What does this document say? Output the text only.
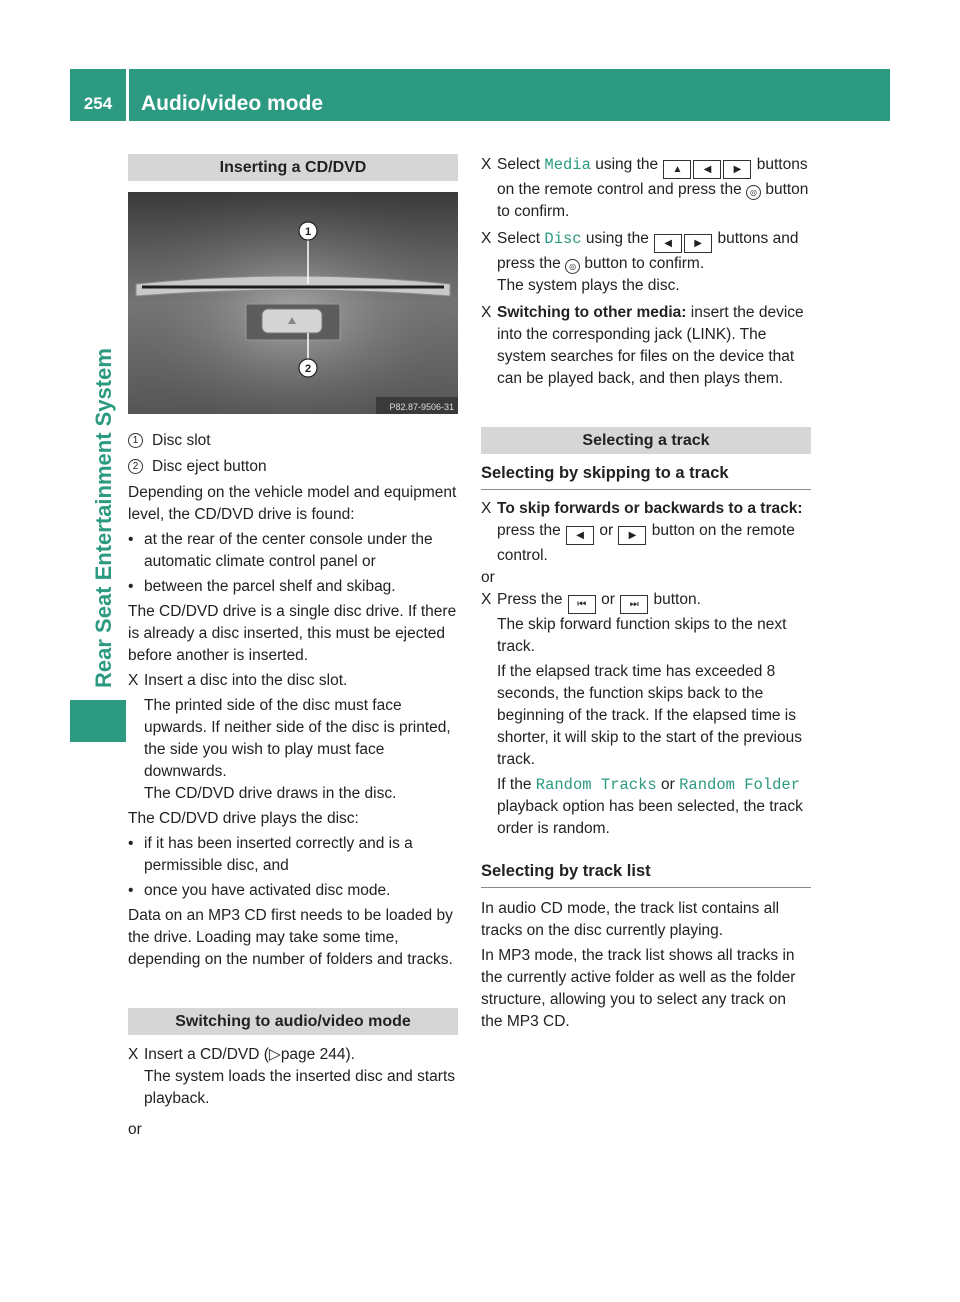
254	Audio/video mode
Rear Seat Entertainment System
Inserting a CD/DVD
1
2
P82.87-9506-31

1 Disc slot

2 Disc eject button

Depending on the vehicle model and equipment level, the CD/DVD drive is found:

• at the rear of the center console under the automatic climate control panel or

• between the parcel shelf and skibag.

The CD/DVD drive is a single disc drive. If there is already a disc inserted, this must be ejected before another is inserted.

X Insert a disc into the disc slot.

The printed side of the disc must face upwards. If neither side of the disc is printed, the side you wish to play must face downwards.

The CD/DVD drive draws in the disc.

The CD/DVD drive plays the disc:

• if it has been inserted correctly and is a permissible disc, and

• once you have activated disc mode.

Data on an MP3 CD first needs to be loaded by the drive. Loading may take some time, depending on the number of folders and tracks.

Switching to audio/video mode

X Insert a CD/DVD (▷page 244).

The system loads the inserted disc and starts playback.

or

X Select Media using the ▲ ◀ ▶ buttons on the remote control and press the ◎ button to confirm.

X Select Disc using the ◀ ▶ buttons and press the ◎ button to confirm.

The system plays the disc.

X Switching to other media: insert the device into the corresponding jack (LINK). The system searches for files on the device that can be played back, and then plays them.

Selecting a track
Selecting by skipping to a track

X To skip forwards or backwards to a track: press the ◀ or ▶ button on the remote control.

or

X Press the ⏮ or ⏭ button.

The skip forward function skips to the next track.

If the elapsed track time has exceeded 8 seconds, the function skips back to the beginning of the track. If the elapsed time is shorter, it will skip to the start of the previous track.

If the Random Tracks or Random Folder playback option has been selected, the track order is random.

Selecting by track list

In audio CD mode, the track list contains all tracks on the disc currently playing.

In MP3 mode, the track list shows all tracks in the currently active folder as well as the folder structure, allowing you to select any track on the MP3 CD.
